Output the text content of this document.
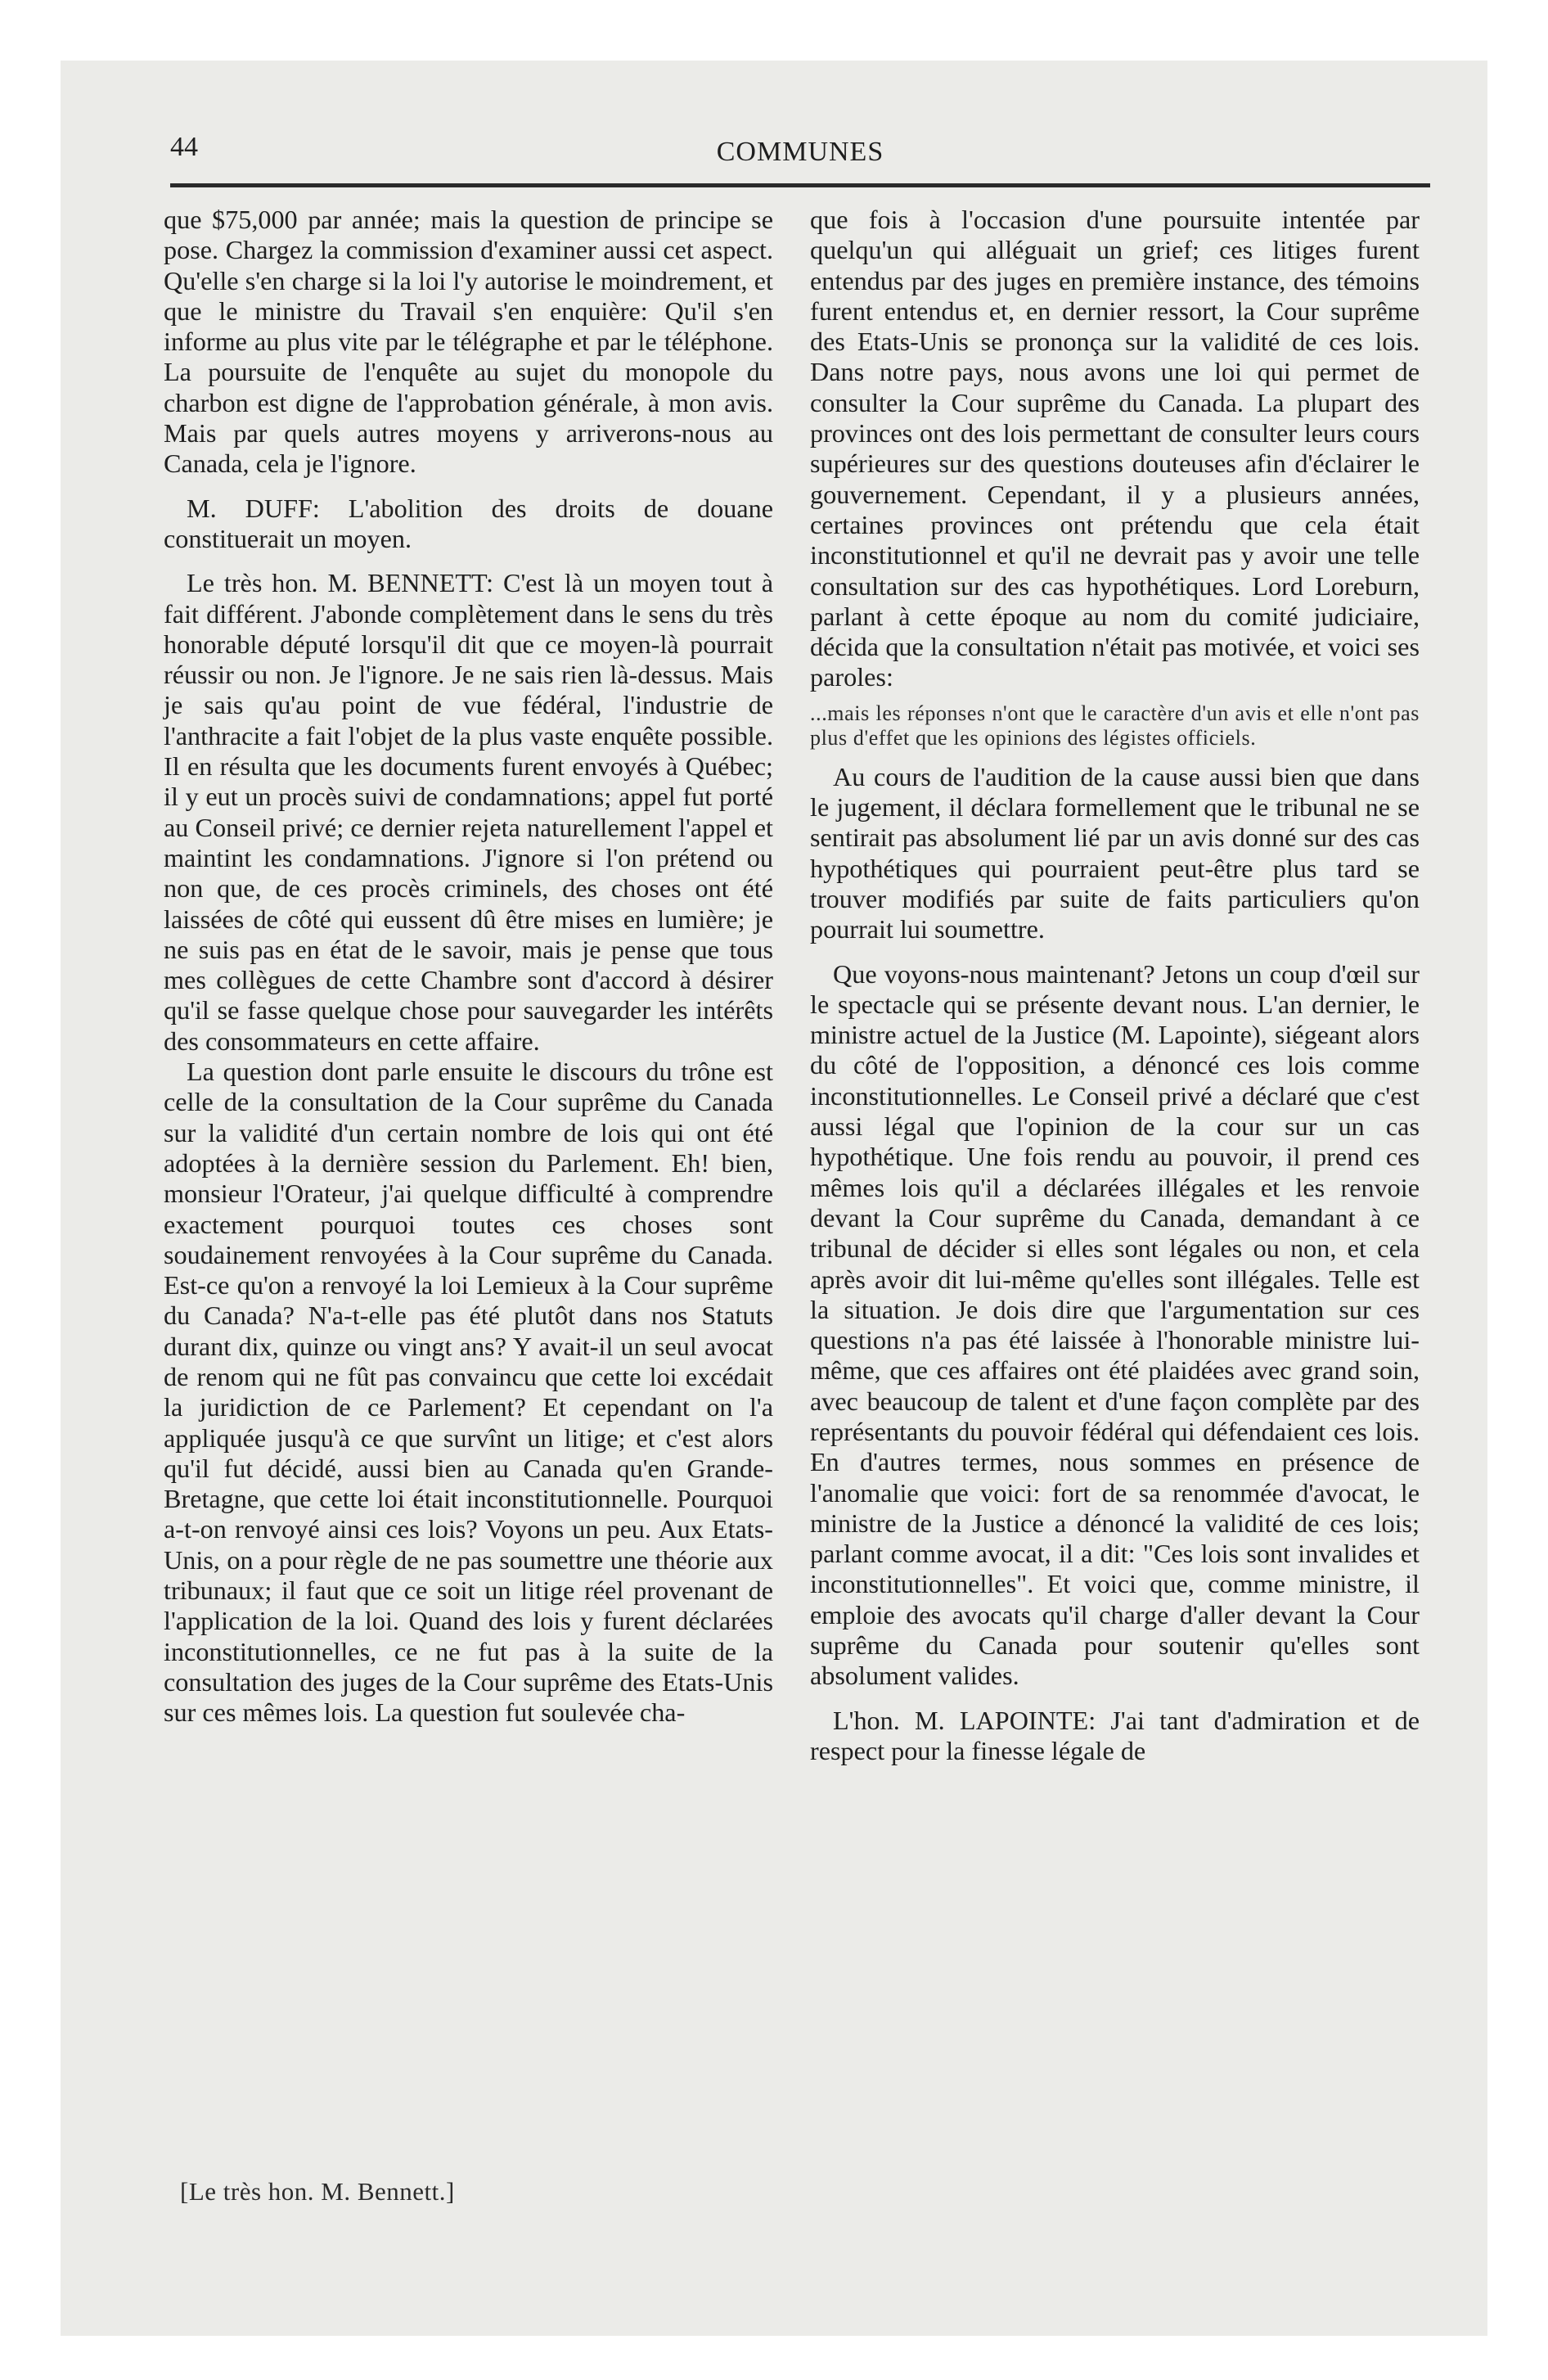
44	COMMUNES

que $75,000 par année; mais la question de principe se pose. Chargez la commission d'examiner aussi cet aspect. Qu'elle s'en charge si la loi l'y autorise le moindrement, et que le ministre du Travail s'en enquière: Qu'il s'en informe au plus vite par le télégraphe et par le téléphone. La poursuite de l'enquête au sujet du monopole du charbon est digne de l'approbation générale, à mon avis. Mais par quels autres moyens y arriverons-nous au Canada, cela je l'ignore.

M. DUFF: L'abolition des droits de douane constituerait un moyen.

Le très hon. M. BENNETT: C'est là un moyen tout à fait différent. J'abonde complètement dans le sens du très honorable député lorsqu'il dit que ce moyen-là pourrait réussir ou non. Je l'ignore. Je ne sais rien là-dessus. Mais je sais qu'au point de vue fédéral, l'industrie de l'anthracite a fait l'objet de la plus vaste enquête possible. Il en résulta que les documents furent envoyés à Québec; il y eut un procès suivi de condamnations; appel fut porté au Conseil privé; ce dernier rejeta naturellement l'appel et maintint les condamnations. J'ignore si l'on prétend ou non que, de ces procès criminels, des choses ont été laissées de côté qui eussent dû être mises en lumière; je ne suis pas en état de le savoir, mais je pense que tous mes collègues de cette Chambre sont d'accord à désirer qu'il se fasse quelque chose pour sauvegarder les intérêts des consommateurs en cette affaire.

La question dont parle ensuite le discours du trône est celle de la consultation de la Cour suprême du Canada sur la validité d'un certain nombre de lois qui ont été adoptées à la dernière session du Parlement. Eh! bien, monsieur l'Orateur, j'ai quelque difficulté à comprendre exactement pourquoi toutes ces choses sont soudainement renvoyées à la Cour suprême du Canada. Est-ce qu'on a renvoyé la loi Lemieux à la Cour suprême du Canada? N'a-t-elle pas été plutôt dans nos Statuts durant dix, quinze ou vingt ans? Y avait-il un seul avocat de renom qui ne fût pas convaincu que cette loi excédait la juridiction de ce Parlement? Et cependant on l'a appliquée jusqu'à ce que survînt un litige; et c'est alors qu'il fut décidé, aussi bien au Canada qu'en Grande-Bretagne, que cette loi était inconstitutionnelle. Pourquoi a-t-on renvoyé ainsi ces lois? Voyons un peu. Aux Etats-Unis, on a pour règle de ne pas soumettre une théorie aux tribunaux; il faut que ce soit un litige réel provenant de l'application de la loi. Quand des lois y furent déclarées inconstitutionnelles, ce ne fut pas à la suite de la consultation des juges de la Cour suprême des Etats-Unis sur ces mêmes lois. La question fut soulevée cha-

que fois à l'occasion d'une poursuite intentée par quelqu'un qui alléguait un grief; ces litiges furent entendus par des juges en première instance, des témoins furent entendus et, en dernier ressort, la Cour suprême des Etats-Unis se prononça sur la validité de ces lois. Dans notre pays, nous avons une loi qui permet de consulter la Cour suprême du Canada. La plupart des provinces ont des lois permettant de consulter leurs cours supérieures sur des questions douteuses afin d'éclairer le gouvernement. Cependant, il y a plusieurs années, certaines provinces ont prétendu que cela était inconstitutionnel et qu'il ne devrait pas y avoir une telle consultation sur des cas hypothétiques. Lord Loreburn, parlant à cette époque au nom du comité judiciaire, décida que la consultation n'était pas motivée, et voici ses paroles:

...mais les réponses n'ont que le caractère d'un avis et elle n'ont pas plus d'effet que les opinions des légistes officiels.

Au cours de l'audition de la cause aussi bien que dans le jugement, il déclara formellement que le tribunal ne se sentirait pas absolument lié par un avis donné sur des cas hypothétiques qui pourraient peut-être plus tard se trouver modifiés par suite de faits particuliers qu'on pourrait lui soumettre.

Que voyons-nous maintenant? Jetons un coup d'œil sur le spectacle qui se présente devant nous. L'an dernier, le ministre actuel de la Justice (M. Lapointe), siégeant alors du côté de l'opposition, a dénoncé ces lois comme inconstitutionnelles. Le Conseil privé a déclaré que c'est aussi légal que l'opinion de la cour sur un cas hypothétique. Une fois rendu au pouvoir, il prend ces mêmes lois qu'il a déclarées illégales et les renvoie devant la Cour suprême du Canada, demandant à ce tribunal de décider si elles sont légales ou non, et cela après avoir dit lui-même qu'elles sont illégales. Telle est la situation. Je dois dire que l'argumentation sur ces questions n'a pas été laissée à l'honorable ministre lui-même, que ces affaires ont été plaidées avec grand soin, avec beaucoup de talent et d'une façon complète par des représentants du pouvoir fédéral qui défendaient ces lois. En d'autres termes, nous sommes en présence de l'anomalie que voici: fort de sa renommée d'avocat, le ministre de la Justice a dénoncé la validité de ces lois; parlant comme avocat, il a dit: "Ces lois sont invalides et inconstitutionnelles". Et voici que, comme ministre, il emploie des avocats qu'il charge d'aller devant la Cour suprême du Canada pour soutenir qu'elles sont absolument valides.

L'hon. M. LAPOINTE: J'ai tant d'admiration et de respect pour la finesse légale de

[Le très hon. M. Bennett.]
